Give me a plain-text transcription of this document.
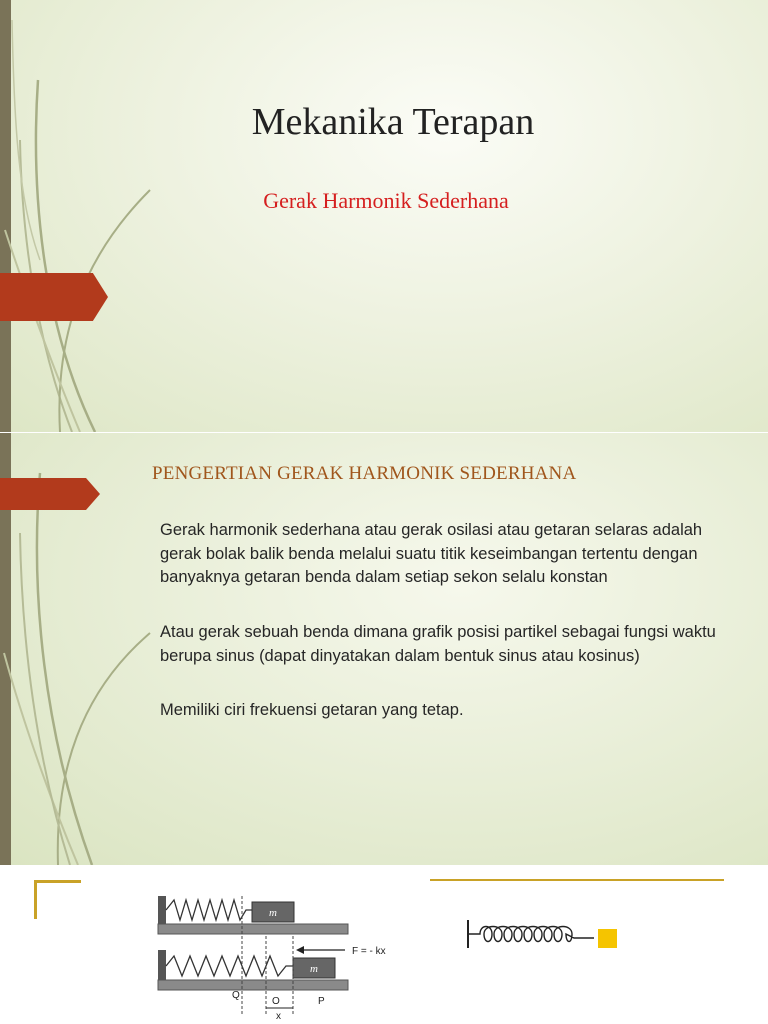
Mekanika Terapan
Gerak Harmonik Sederhana
PENGERTIAN GERAK HARMONIK SEDERHANA
Gerak harmonik sederhana atau gerak osilasi atau getaran selaras adalah gerak bolak balik benda melalui suatu titik keseimbangan tertentu dengan banyaknya getaran benda dalam setiap sekon selalu konstan
Atau gerak sebuah benda dimana grafik posisi partikel sebagai fungsi waktu berupa sinus (dapat dinyatakan dalam bentuk sinus atau kosinus)
Memiliki ciri frekuensi getaran yang tetap.
m
m
F = - kx
Q
O	P
x
